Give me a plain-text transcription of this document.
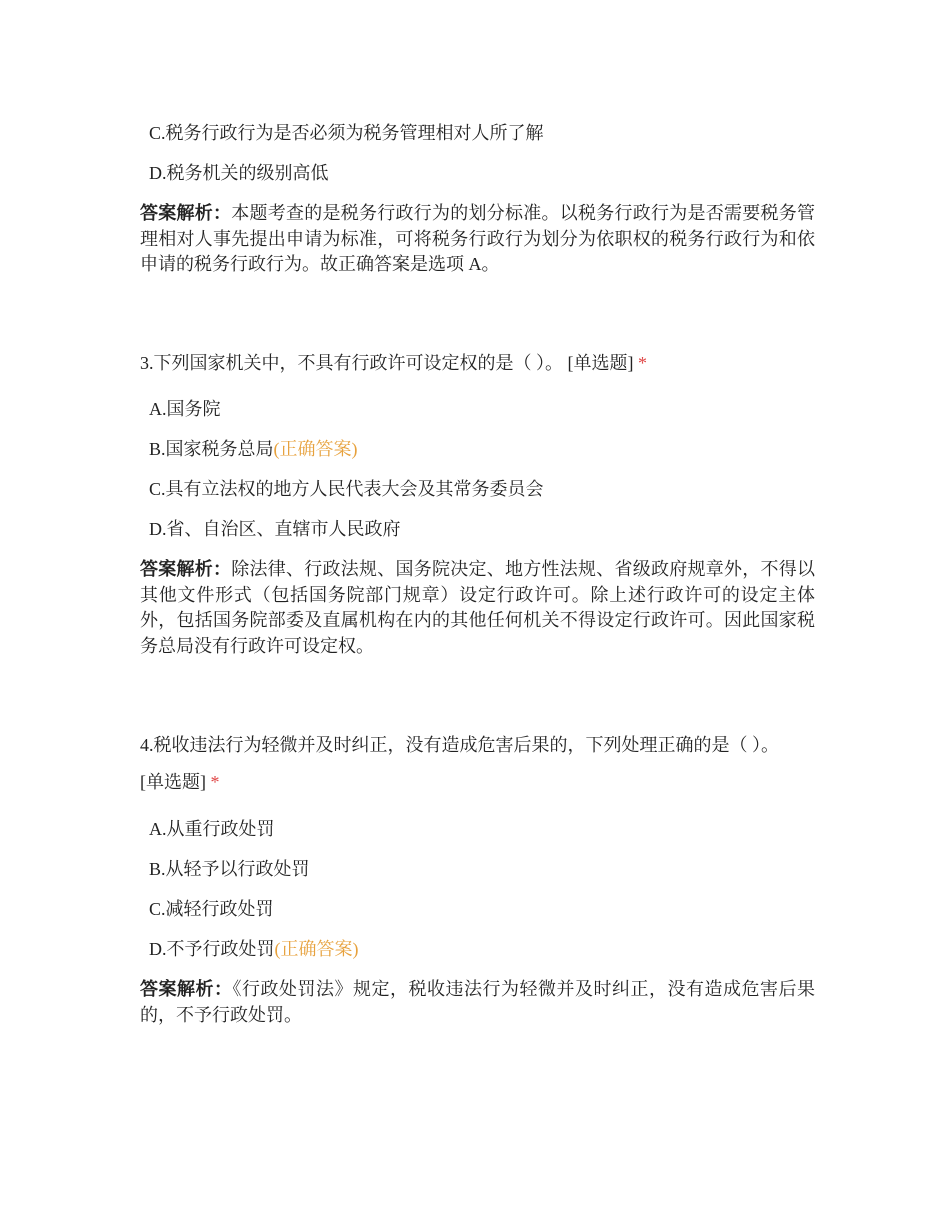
C.税务行政行为是否必须为税务管理相对人所了解
D.税务机关的级别高低

答案解析：本题考查的是税务行政行为的划分标准。以税务行政行为是否需要税务管理相对人事先提出申请为标准，可将税务行政行为划分为依职权的税务行政行为和依申请的税务行政行为。故正确答案是选项 A。

3.下列国家机关中，不具有行政许可设定权的是（ ）。 [单选题] *

A.国务院
B.国家税务总局(正确答案)
C.具有立法权的地方人民代表大会及其常务委员会
D.省、自治区、直辖市人民政府

答案解析：除法律、行政法规、国务院决定、地方性法规、省级政府规章外，不得以其他文件形式（包括国务院部门规章）设定行政许可。除上述行政许可的设定主体外，包括国务院部委及直属机构在内的其他任何机关不得设定行政许可。因此国家税务总局没有行政许可设定权。

4.税收违法行为轻微并及时纠正，没有造成危害后果的，下列处理正确的是（ ）。 [单选题] *

A.从重行政处罚
B.从轻予以行政处罚
C.减轻行政处罚
D.不予行政处罚(正确答案)

答案解析：《行政处罚法》规定，税收违法行为轻微并及时纠正，没有造成危害后果的，不予行政处罚。
